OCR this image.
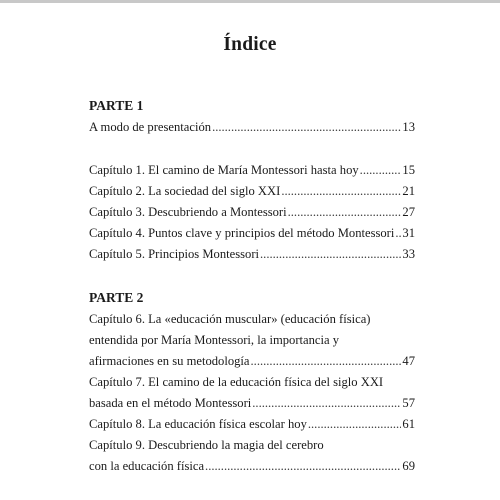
Índice
PARTE 1
A modo de presentación .....	13
Capítulo 1. El camino de María Montessori hasta hoy .....	15
Capítulo 2. La sociedad del siglo XXI .....	21
Capítulo 3. Descubriendo a Montessori .....	27
Capítulo 4. Puntos clave y principios del método Montessori ..... 31
Capítulo 5. Principios Montessori .....	33
PARTE 2
Capítulo 6. La «educación muscular» (educación física)
entendida por María Montessori, la importancia y
afirmaciones en su metodología .....	47
Capítulo 7. El camino de la educación física del siglo XXI
basada en el método Montessori .....	57
Capítulo 8. La educación física escolar hoy .....	61
Capítulo 9. Descubriendo la magia del cerebro
con la educación física .....	69
